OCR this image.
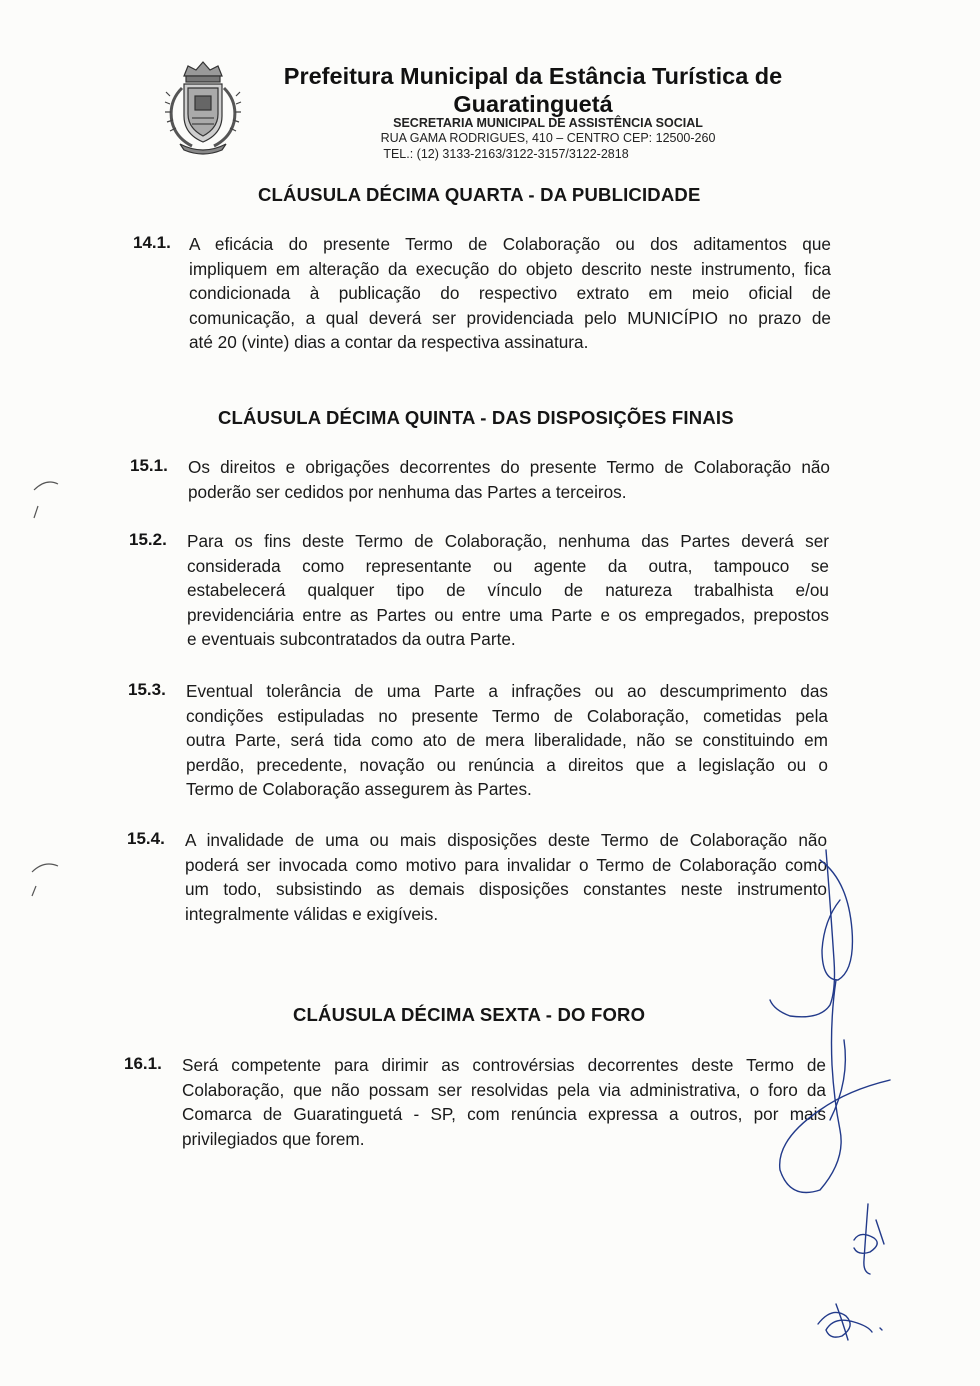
Prefeitura Municipal da Estância Turística de
Guaratinguetá
SECRETARIA MUNICIPAL DE ASSISTÊNCIA SOCIAL
RUA GAMA RODRIGUES, 410 – CENTRO CEP: 12500-260
TEL.: (12) 3133-2163/3122-3157/3122-2818
CLÁUSULA DÉCIMA QUARTA - DA PUBLICIDADE
14.1. A eficácia do presente Termo de Colaboração ou dos aditamentos que
impliquem em alteração da execução do objeto descrito neste instrumento, fica
condicionada à publicação do respectivo extrato em meio oficial de
comunicação, a qual deverá ser providenciada pelo MUNICÍPIO no prazo de
até 20 (vinte) dias a contar da respectiva assinatura.
CLÁUSULA DÉCIMA QUINTA - DAS DISPOSIÇÕES FINAIS
15.1. Os direitos e obrigações decorrentes do presente Termo de Colaboração não
poderão ser cedidos por nenhuma das Partes a terceiros.
15.2. Para os fins deste Termo de Colaboração, nenhuma das Partes deverá ser
considerada como representante ou agente da outra, tampouco se
estabelecerá qualquer tipo de vínculo de natureza trabalhista e/ou
previdenciária entre as Partes ou entre uma Parte e os empregados, prepostos
e eventuais subcontratados da outra Parte.
15.3. Eventual tolerância de uma Parte a infrações ou ao descumprimento das
condições estipuladas no presente Termo de Colaboração, cometidas pela
outra Parte, será tida como ato de mera liberalidade, não se constituindo em
perdão, precedente, novação ou renúncia a direitos que a legislação ou o
Termo de Colaboração assegurem às Partes.
15.4. A invalidade de uma ou mais disposições deste Termo de Colaboração não
poderá ser invocada como motivo para invalidar o Termo de Colaboração como
um todo, subsistindo as demais disposições constantes neste instrumento
integralmente válidas e exigíveis.
CLÁUSULA DÉCIMA SEXTA - DO FORO
16.1. Será competente para dirimir as controvérsias decorrentes deste Termo de
Colaboração, que não possam ser resolvidas pela via administrativa, o foro da
Comarca de Guaratinguetá - SP, com renúncia expressa a outros, por mais
privilegiados que forem.
